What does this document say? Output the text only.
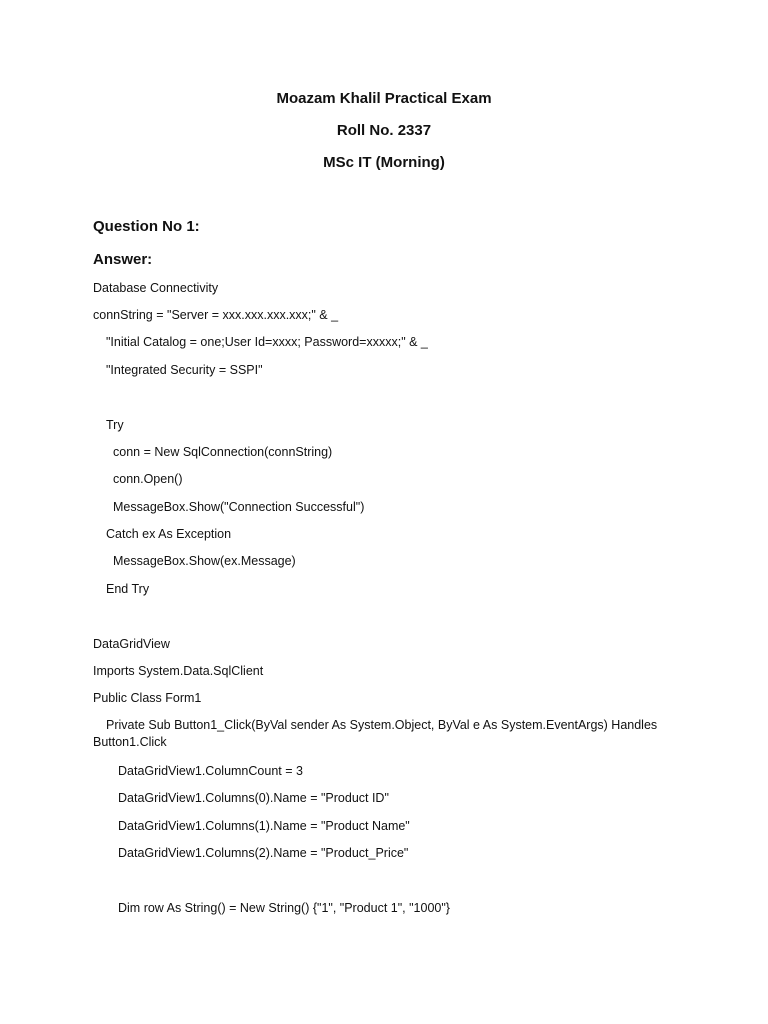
Moazam Khalil Practical Exam

Roll No. 2337

MSc IT (Morning)

Question No 1:

Answer:

Database Connectivity

connString = "Server = xxx.xxx.xxx.xxx;" & _

"Initial Catalog = one;User Id=xxxx; Password=xxxxx;" & _

"Integrated Security = SSPI"

Try

conn = New SqlConnection(connString)

conn.Open()

MessageBox.Show("Connection Successful")

Catch ex As Exception

MessageBox.Show(ex.Message)

End Try

DataGridView

Imports System.Data.SqlClient

Public Class Form1

Private Sub Button1_Click(ByVal sender As System.Object, ByVal e As System.EventArgs) Handles Button1.Click

DataGridView1.ColumnCount = 3

DataGridView1.Columns(0).Name = "Product ID"

DataGridView1.Columns(1).Name = "Product Name"

DataGridView1.Columns(2).Name = "Product_Price"

Dim row As String() = New String() {"1", "Product 1", "1000"}
